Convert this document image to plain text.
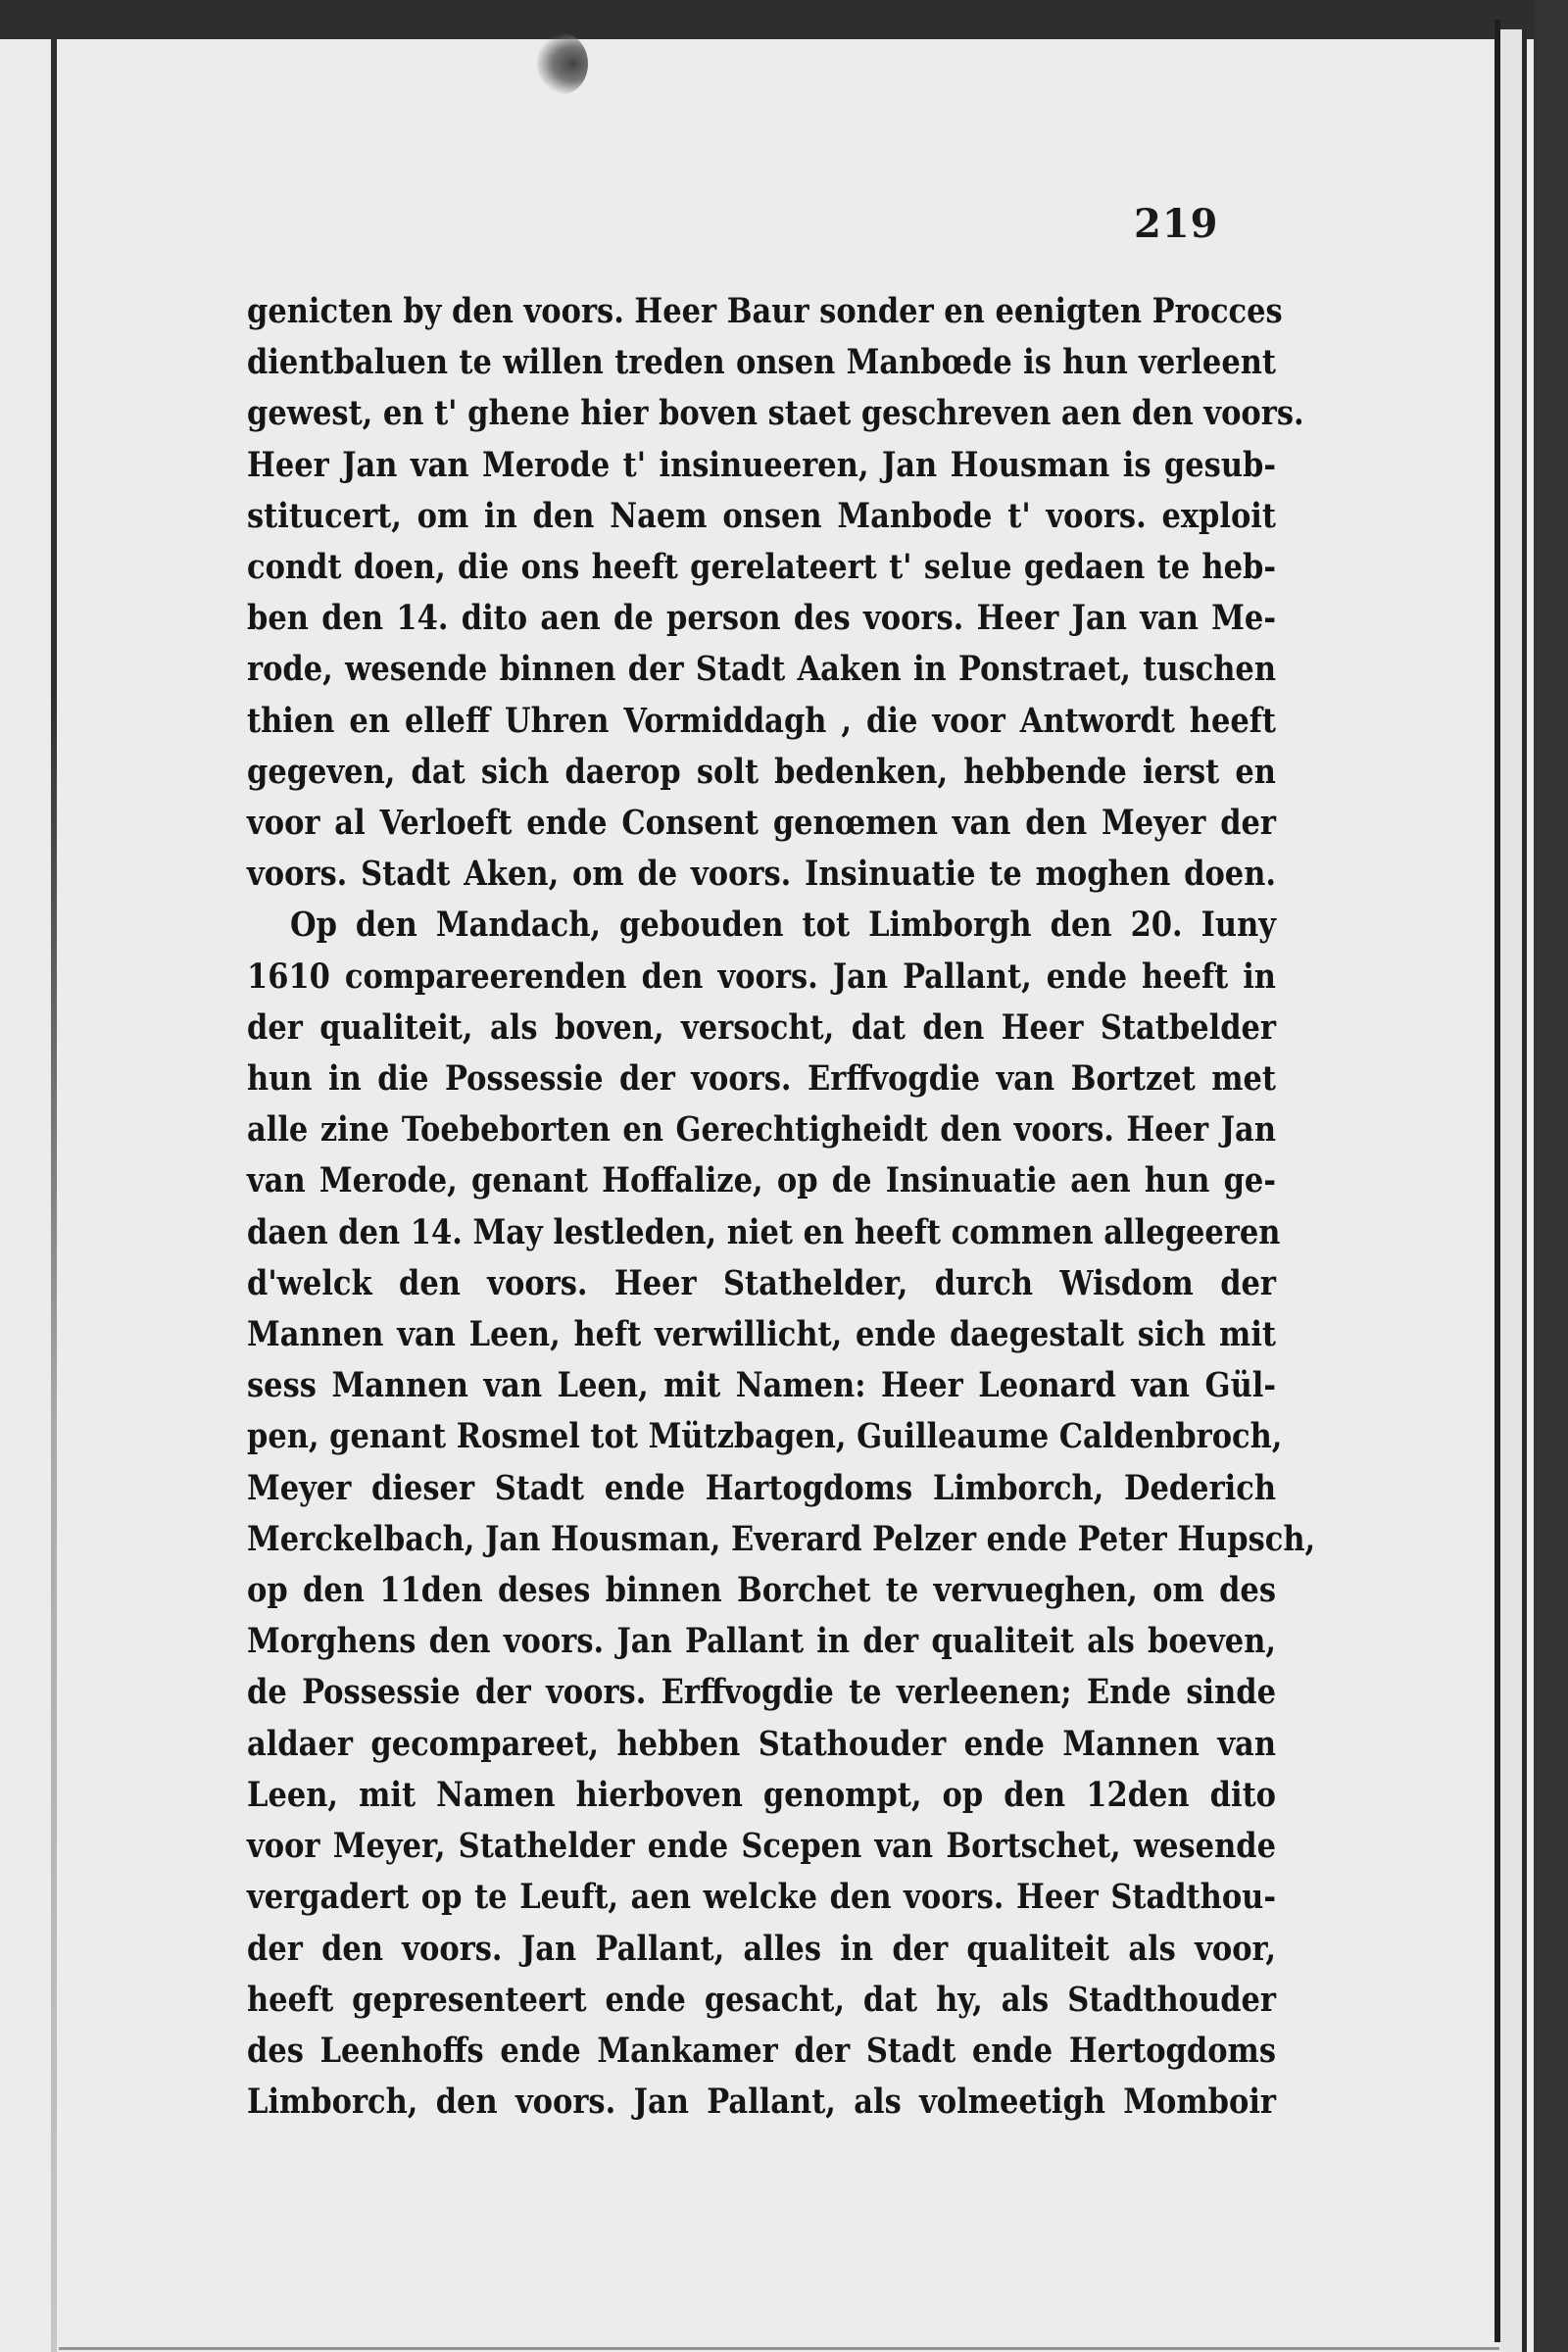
219
genicten by den voors. Heer Baur sonder en eenigten Procces
dientbaluen te willen treden onsen Manbœde is hun verleent
gewest, en t' ghene hier boven staet geschreven aen den voors.
Heer Jan van Merode t' insinueeren, Jan Housman is gesub-
stitucert, om in den Naem onsen Manbode t' voors. exploit
condt doen, die ons heeft gerelateert t' selue gedaen te heb-
ben den 14. dito aen de person des voors. Heer Jan van Me-
rode, wesende binnen der Stadt Aaken in Ponstraet, tuschen
thien en elleff Uhren Vormiddagh , die voor Antwordt heeft
gegeven, dat sich daerop solt bedenken, hebbende ierst en
voor al Verloeft ende Consent genœmen van den Meyer der
voors. Stadt Aken, om de voors. Insinuatie te moghen doen.
Op den Mandach, gebouden tot Limborgh den 20. Iuny
1610 compareerenden den voors. Jan Pallant, ende heeft in
der qualiteit, als boven, versocht, dat den Heer Statbelder
hun in die Possessie der voors. Erffvogdie van Bortzet met
alle zine Toebeborten en Gerechtigheidt den voors. Heer Jan
van Merode, genant Hoffalize, op de Insinuatie aen hun ge-
daen den 14. May lestleden, niet en heeft commen allegeeren
d'welck den voors. Heer Stathelder, durch Wisdom der
Mannen van Leen, heft verwillicht, ende daegestalt sich mit
sess Mannen van Leen, mit Namen: Heer Leonard van Gül-
pen, genant Rosmel tot Mützbagen, Guilleaume Caldenbroch,
Meyer dieser Stadt ende Hartogdoms Limborch, Dederich
Merckelbach, Jan Housman, Everard Pelzer ende Peter Hupsch,
op den 11den deses binnen Borchet te vervueghen, om des
Morghens den voors. Jan Pallant in der qualiteit als boeven,
de Possessie der voors. Erffvogdie te verleenen; Ende sinde
aldaer gecompareet, hebben Stathouder ende Mannen van
Leen, mit Namen hierboven genompt, op den 12den dito
voor Meyer, Stathelder ende Scepen van Bortschet, wesende
vergadert op te Leuft, aen welcke den voors. Heer Stadthou-
der den voors. Jan Pallant, alles in der qualiteit als voor,
heeft gepresenteert ende gesacht, dat hy, als Stadthouder
des Leenhoffs ende Mankamer der Stadt ende Hertogdoms
Limborch, den voors. Jan Pallant, als volmeetigh Momboir
